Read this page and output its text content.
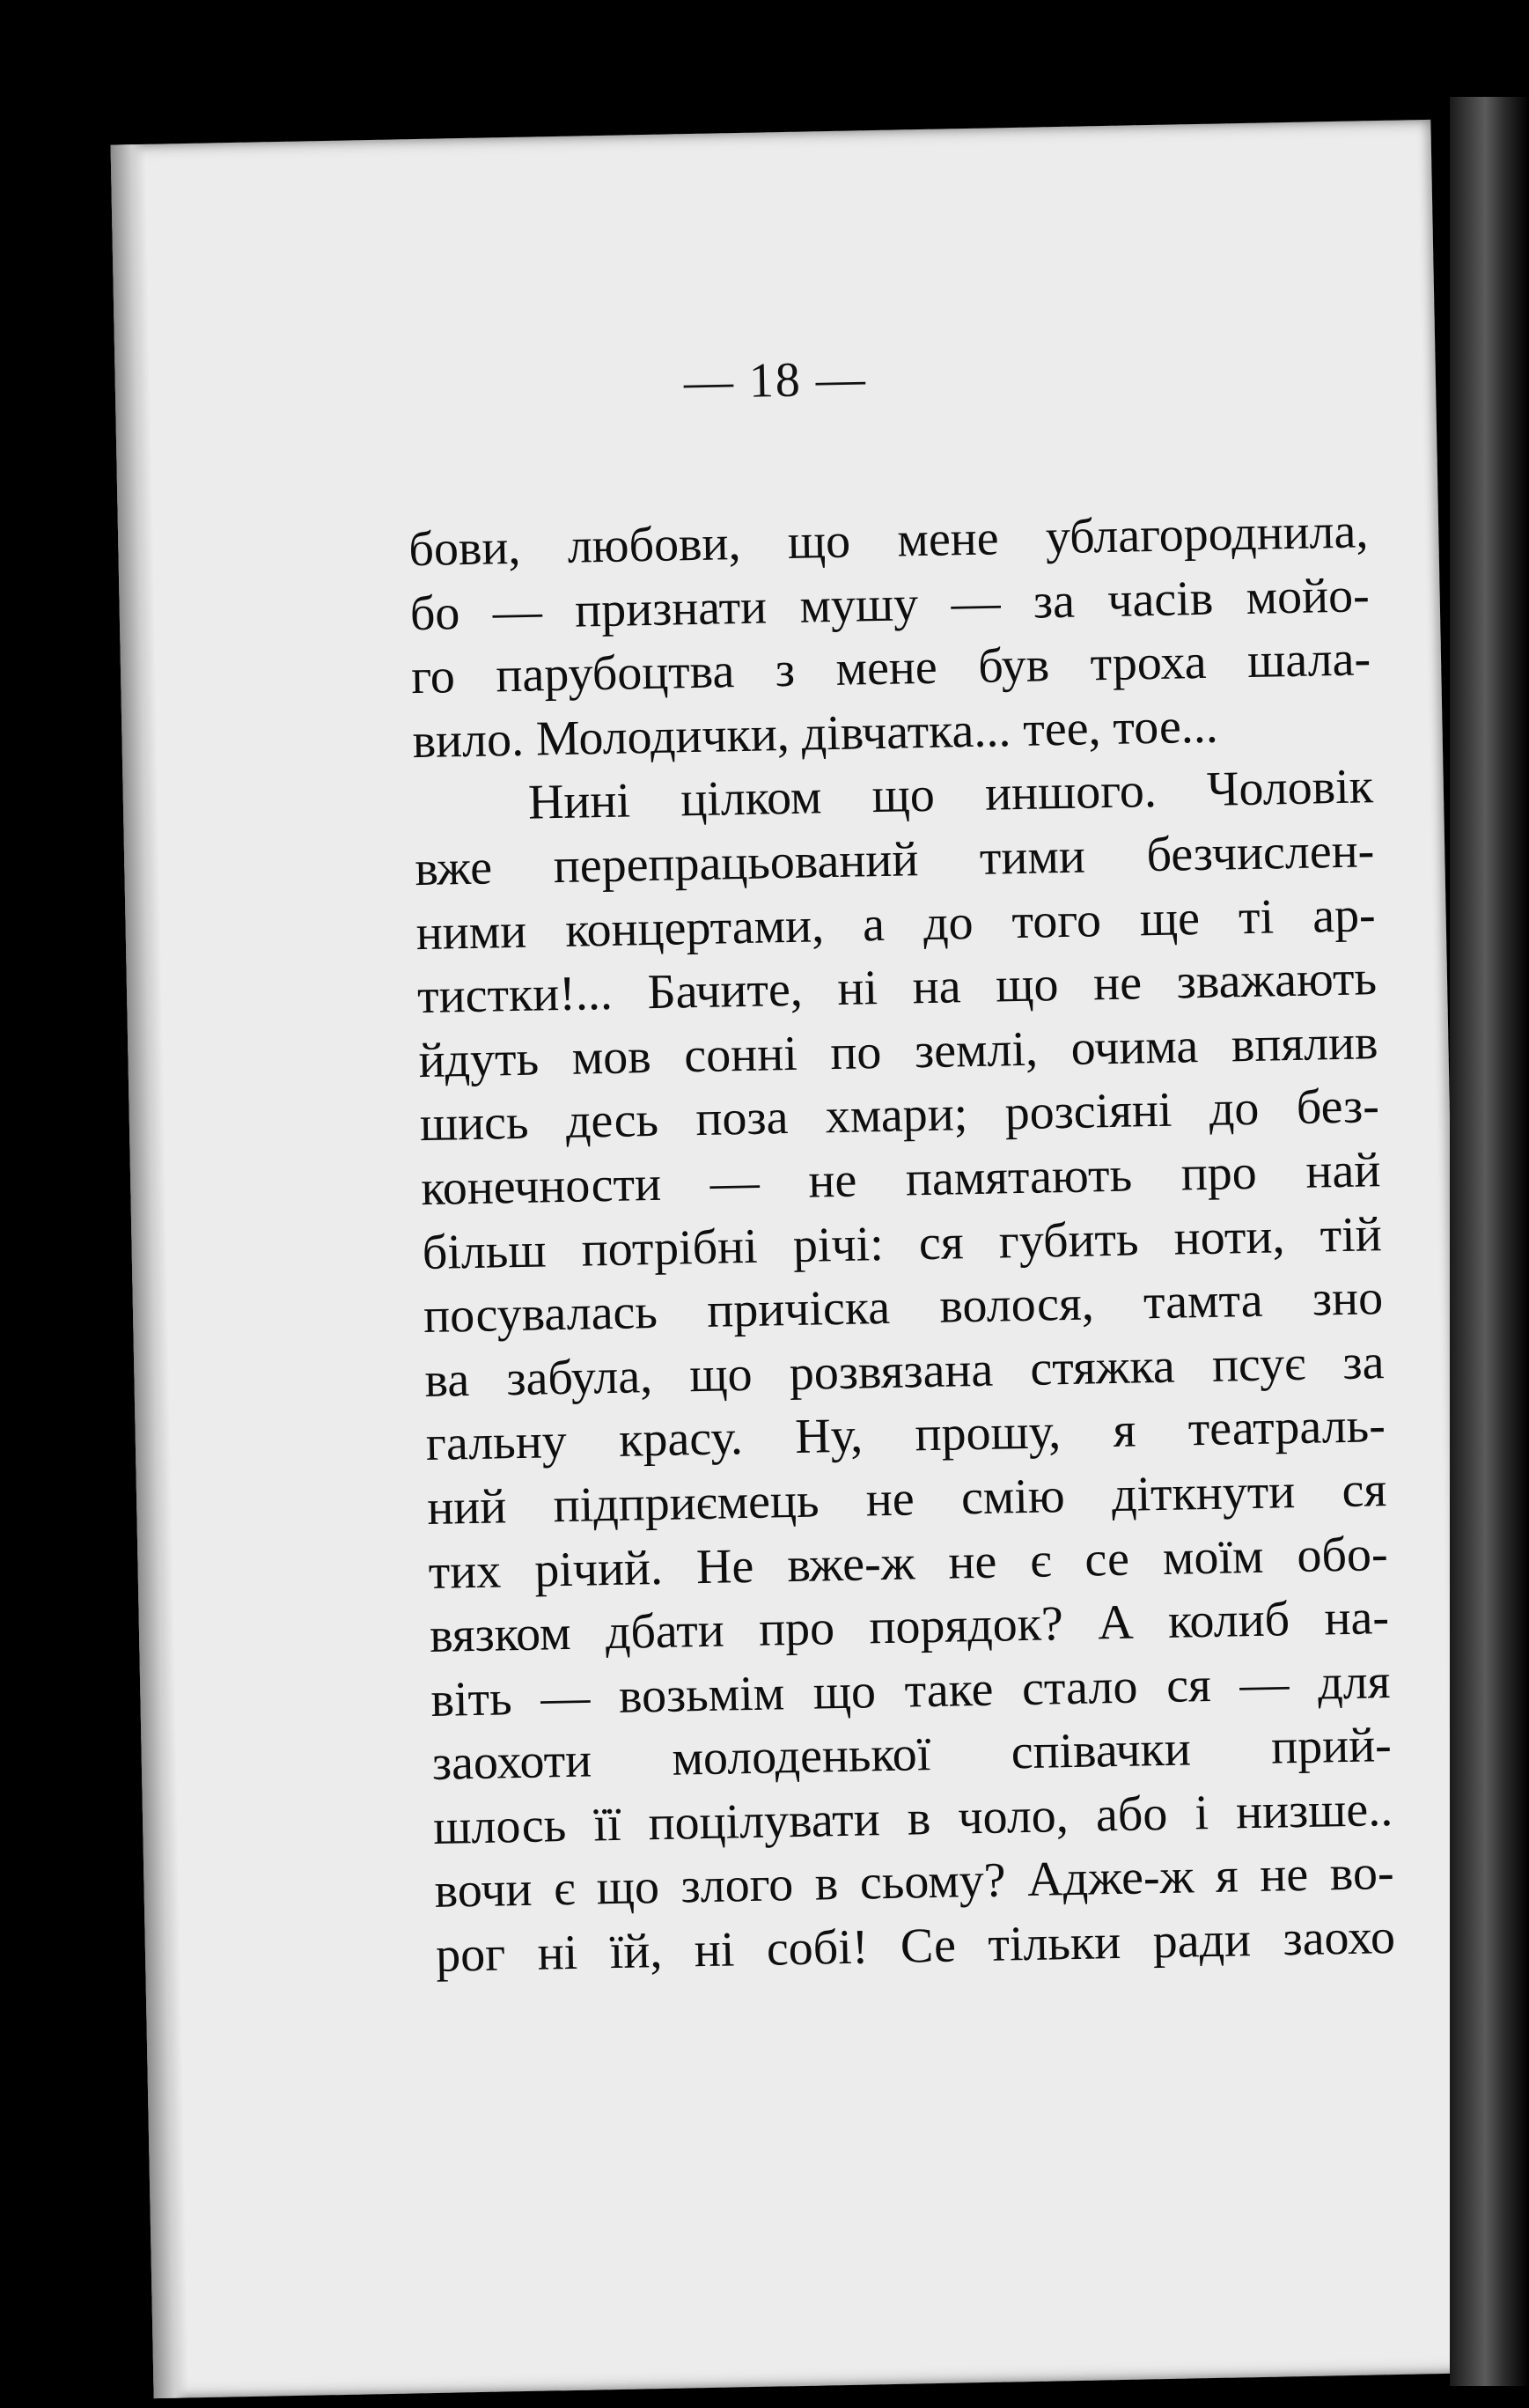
— 18 —
бови, любови, що мене ублагороднила,
бо — признати мушу — за часів мойо-
го парубоцтва з мене був троха шала-
вило. Молодички, дівчатка... тее, тое...
Нині цілком що иншого. Чоловік
вже перепрацьований тими безчислен-
ними концертами, а до того ще ті ар-
тистки!... Бачите, ні на що не зважають
йдуть мов сонні по землі, очима впялив
шись десь поза хмари; розсіяні до без-
конечности — не памятають про най
більш потрібні річі: ся губить ноти, тій
посувалась причіска волося, тамта зно
ва забула, що розвязана стяжка псує за
гальну красу. Ну, прошу, я театраль-
ний підприємець не смію діткнути ся
тих річий. Не вже-ж не є се моїм обо-
вязком дбати про порядок? А колиб на-
віть — возьмім що таке стало ся — для
заохоти молоденької співачки прий-
шлось її поцілувати в чоло, або і низше..
вочи є що злого в сьому? Адже-ж я не во-
рог ні їй, ні собі! Се тільки ради заохо
